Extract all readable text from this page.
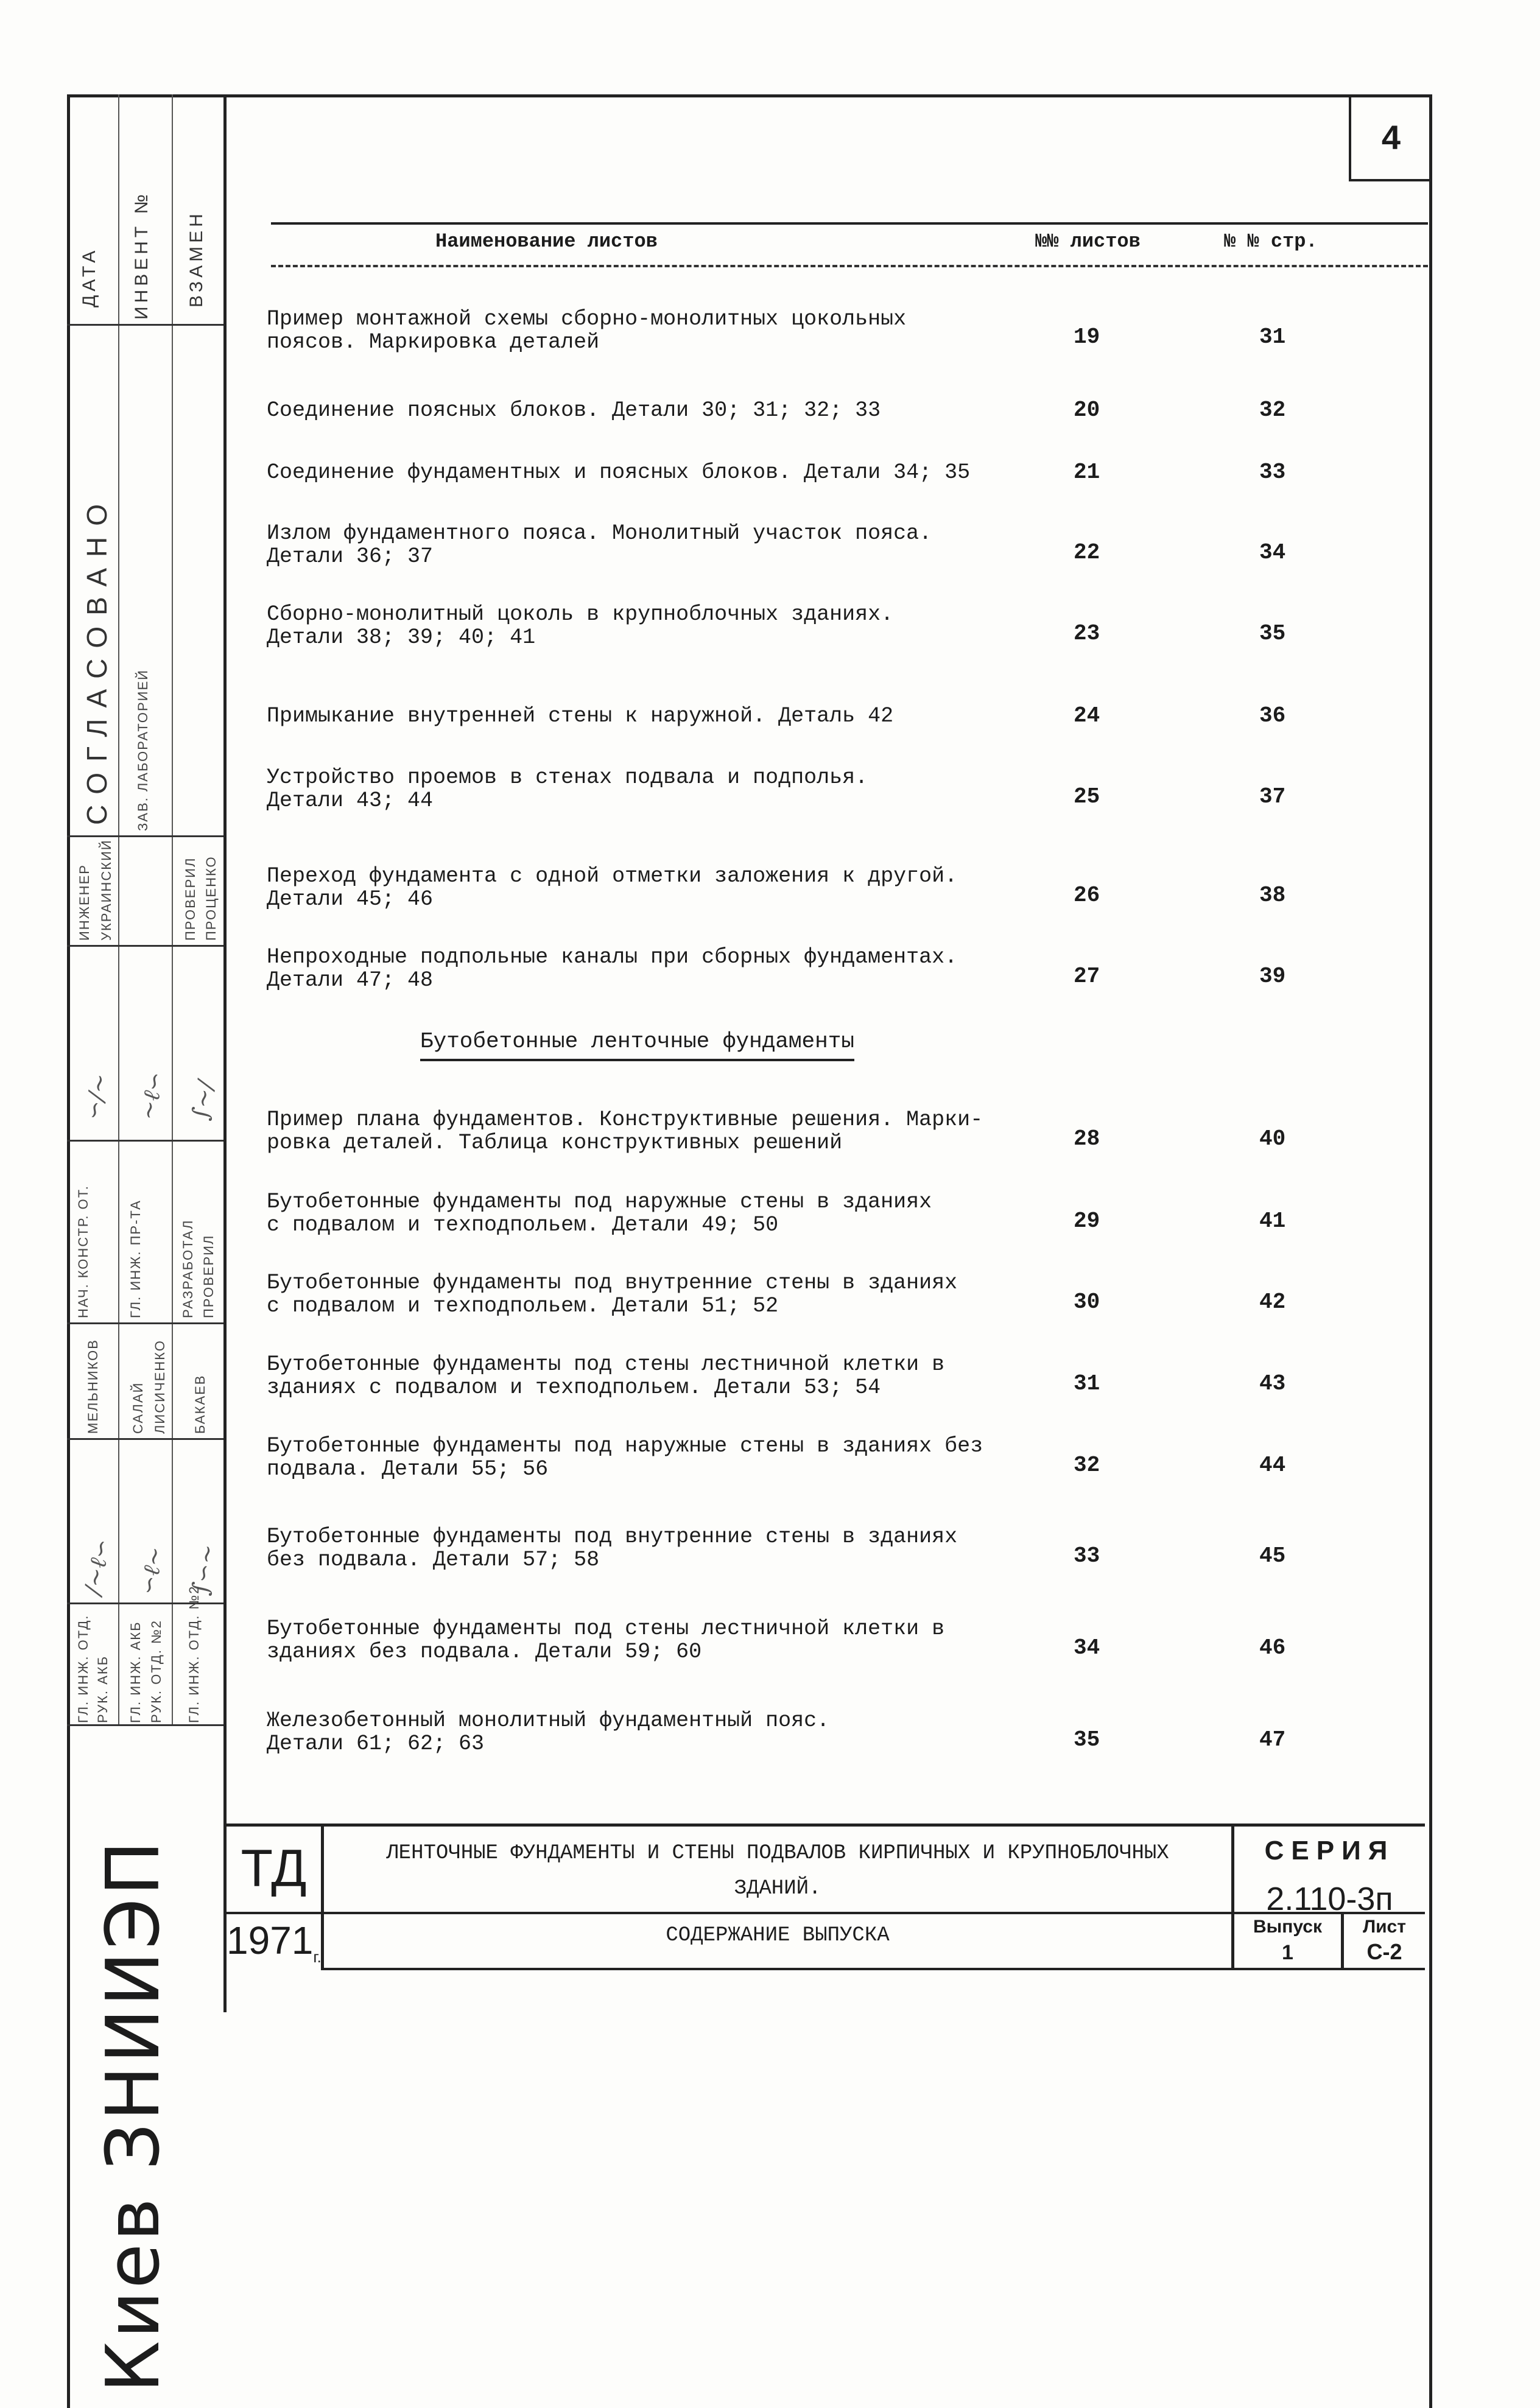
4
ДАТА ИНВЕНТ № ВЗАМЕН
СОГЛАСОВАНО ЗАВ. ЛАБОРАТОРИЕЙ
ИНЖЕНЕР УКРАИНСКИЙ	ПРОВЕРИЛ ПРОЦЕНКО
∽∕∼ ∼ℓ∽ ∫∼∕
НАЧ. КОНСТР. ОТ.	ГЛ. ИНЖ. ПР-ТА	РАЗРАБОТАЛ ПРОВЕРИЛ
МЕЛЬНИКОВ САЛАЙ ЛИСИЧЕНКО БАКАЕВ
∕∼ℓ∽ ∽ℓ∼ ∫∽∼
ГЛ. ИНЖ. ОТД. РУК. АКБ ГЛ. ИНЖ. АКБ РУК. ОТД. №2 ГЛ. ИНЖ. ОТД. №2
Киев ЗНИИЭП
Наименование листов	№№ листов	№ № стр.
Пример монтажной схемы сборно-монолитных цокольных
поясов. Маркировка деталей	19	31
Соединение поясных блоков. Детали 30; 31; 32; 33	20	32
Соединение фундаментных и поясных блоков. Детали 34; 35	21	33
Излом фундаментного пояса. Монолитный участок пояса.
Детали 36; 37	22	34
Сборно-монолитный цоколь в крупноблочных зданиях.
Детали 38; 39; 40; 41	23	35
Примыкание внутренней стены к наружной. Деталь 42	24	36
Устройство проемов в стенах подвала и подполья.
Детали 43; 44	25	37
Переход фундамента с одной отметки заложения к другой.
Детали 45; 46	26	38
Непроходные подпольные каналы при сборных фундаментах.
Детали 47; 48	27	39
Пример плана фундаментов. Конструктивные решения. Марки-
ровка деталей. Таблица конструктивных решений	28	40
Бутобетонные фундаменты под наружные стены в зданиях
с подвалом и техподпольем. Детали 49; 50	29	41
Бутобетонные фундаменты под внутренние стены в зданиях
с подвалом и техподпольем. Детали 51; 52	30	42
Бутобетонные фундаменты под стены лестничной клетки в
зданиях с подвалом и техподпольем. Детали 53; 54	31	43
Бутобетонные фундаменты под наружные стены в зданиях без
подвала. Детали 55; 56	32	44
Бутобетонные фундаменты под внутренние стены в зданиях
без подвала. Детали 57; 58	33	45
Бутобетонные фундаменты под стены лестничной клетки в
зданиях без подвала. Детали 59; 60	34	46
Железобетонный монолитный фундаментный пояс.
Детали 61; 62; 63	35	47
Бутобетонные ленточные фундаменты
ТД
$1971_{г.}$
ЛЕНТОЧНЫЕ ФУНДАМЕНТЫ И СТЕНЫ ПОДВАЛОВ КИРПИЧНЫХ И КРУПНОБЛОЧНЫХ
ЗДАНИЙ.
СОДЕРЖАНИЕ ВЫПУСКА
СЕРИЯ
2.110-3п
Выпуск
1
Лист
С-2
